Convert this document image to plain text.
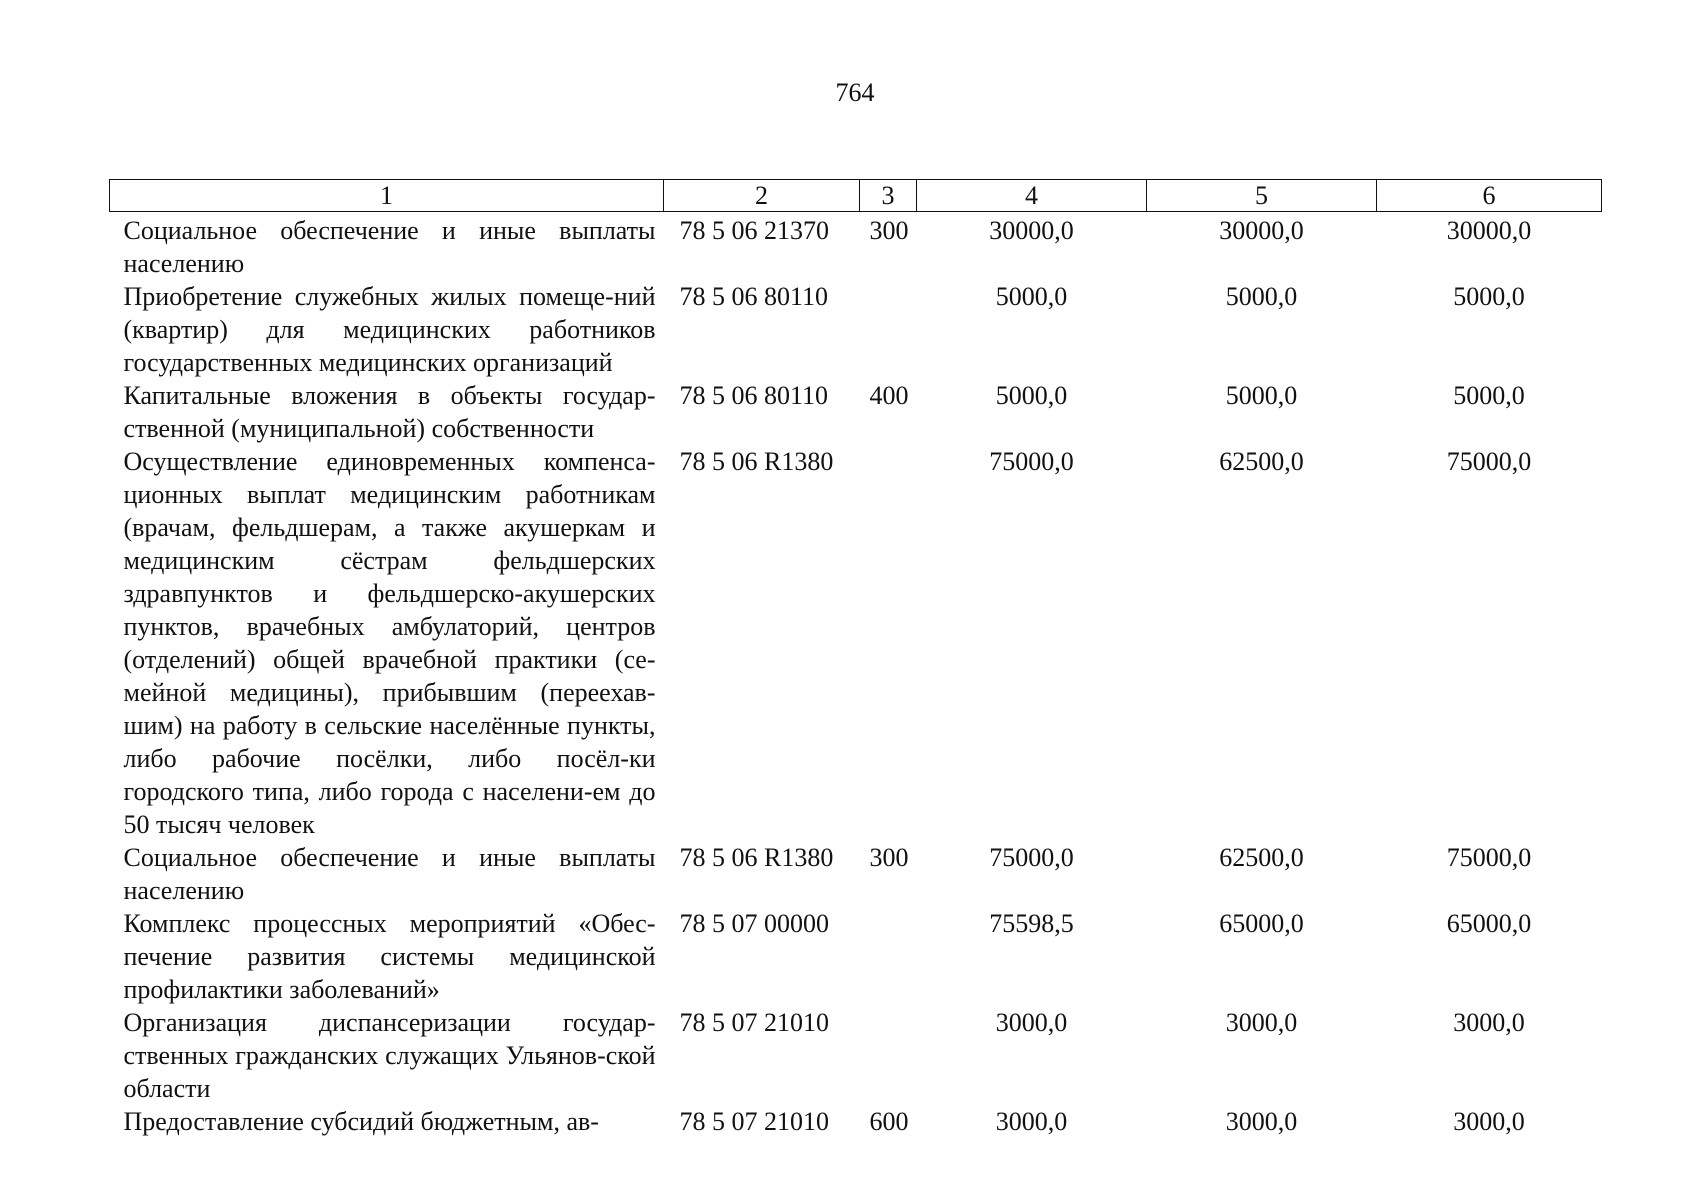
764
1	2	3	4	5	6
Социальное обеспечение и иные выплаты населению	78 5 06 21370	300	30000,0	30000,0	30000,0
Приобретение служебных жилых помеще-ний (квартир) для медицинских работников государственных медицинских организаций	78 5 06 80110		5000,0	5000,0	5000,0
Капитальные вложения в объекты государ-ственной (муниципальной) собственности	78 5 06 80110	400	5000,0	5000,0	5000,0
Осуществление единовременных компенса-ционных выплат медицинским работникам (врачам, фельдшерам, а также акушеркам и медицинским сёстрам фельдшерских здравпунктов и фельдшерско-акушерских пунктов, врачебных амбулаторий, центров (отделений) общей врачебной практики (се-мейной медицины), прибывшим (переехав-шим) на работу в сельские населённые пункты, либо рабочие посёлки, либо посёл-ки городского типа, либо города с населени-ем до 50 тысяч человек	78 5 06 R1380		75000,0	62500,0	75000,0
Социальное обеспечение и иные выплаты населению	78 5 06 R1380	300	75000,0	62500,0	75000,0
Комплекс процессных мероприятий «Обес-печение развития системы медицинской профилактики заболеваний»	78 5 07 00000		75598,5	65000,0	65000,0
Организация диспансеризации государ-ственных гражданских служащих Ульянов-ской области	78 5 07 21010		3000,0	3000,0	3000,0
Предоставление субсидий бюджетным, ав-	78 5 07 21010	600	3000,0	3000,0	3000,0
